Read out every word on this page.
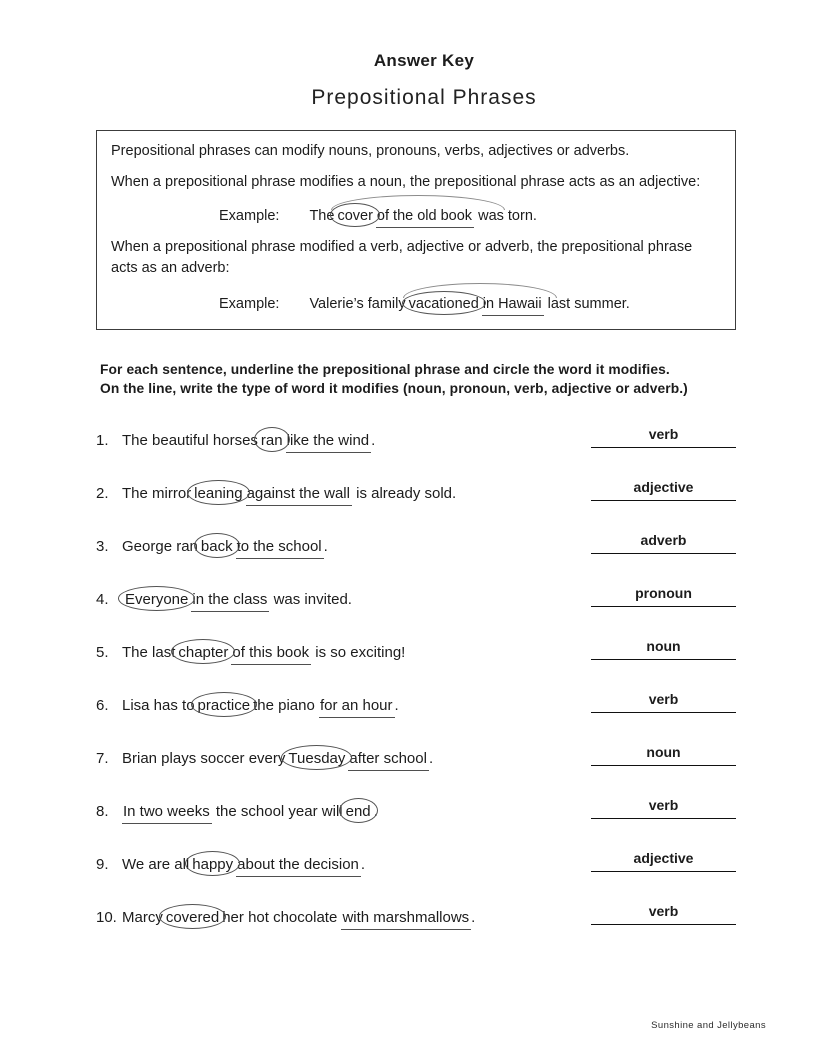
Answer Key
Prepositional Phrases

Prepositional phrases can modify nouns, pronouns, verbs, adjectives or adverbs.

When a prepositional phrase modifies a noun, the prepositional phrase acts as an adjective:

Example: The cover of the old book was torn.

When a prepositional phrase modified a verb, adjective or adverb, the prepositional phrase acts as an adverb:

Example: Valerie’s family vacationed in Hawaii last summer.
For each sentence, underline the prepositional phrase and circle the word it modifies.
On the line, write the type of word it modifies (noun, pronoun, verb, adjective or adverb.)
1. The beautiful horses ran like the wind .	verb
2. The mirror leaning against the wall is already sold.	adjective
3. George ran back to the school .	adverb
4. Everyone in the class was invited.	pronoun
5. The last chapter of this book is so exciting!	noun
6. Lisa has to practice the piano for an hour .	verb
7. Brian plays soccer every Tuesday after school .	noun
8. In two weeks the school year will end .	verb
9. We are all happy about the decision .	adjective
10. Marcy covered her hot chocolate with marshmallows .	verb
Sunshine and Jellybeans
